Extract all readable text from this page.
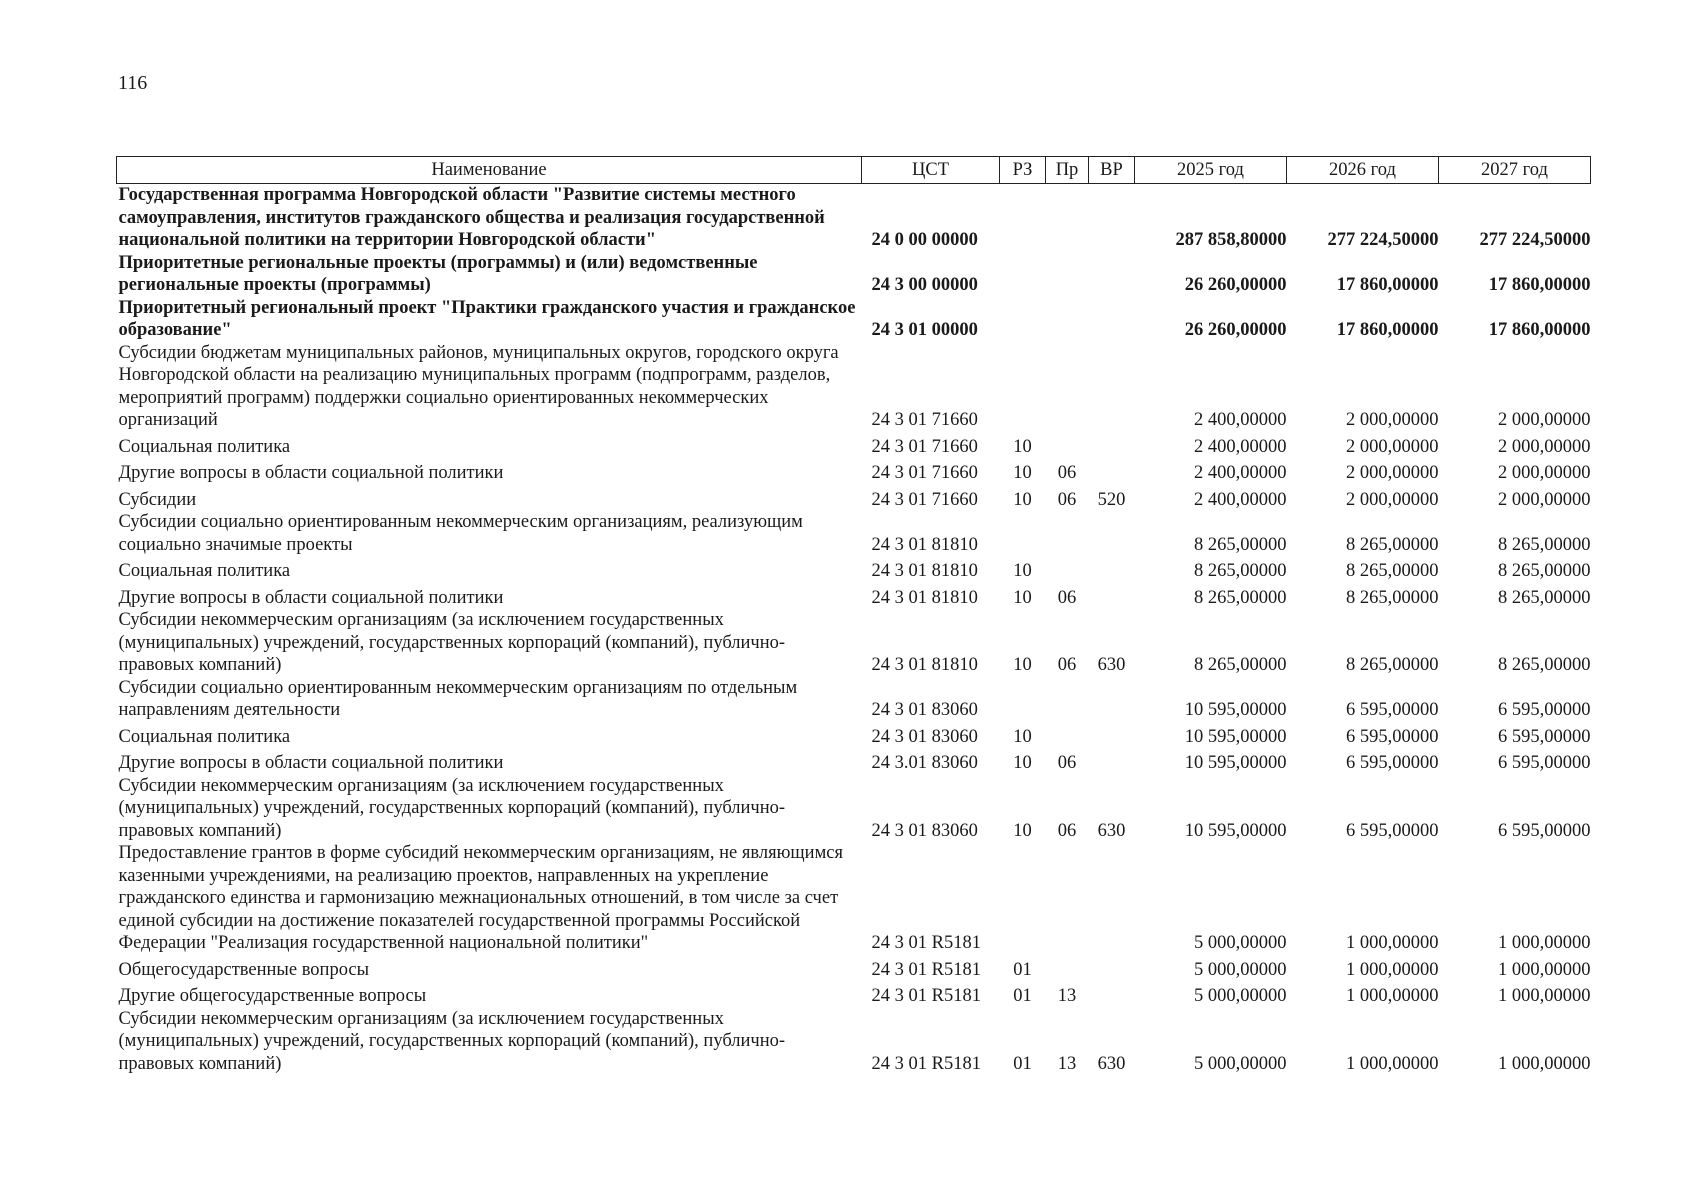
116
Наименование	ЦСТ	РЗ	Пр	ВР	2025 год	2026 год	2027 год
Государственная программа Новгородской области "Развитие системы местного самоуправления, институтов гражданского общества и реализация государственной национальной политики на территории Новгородской области"	24 0 00 00000				287 858,80000	277 224,50000	277 224,50000
Приоритетные региональные проекты (программы) и (или) ведомственные региональные проекты (программы)	24 3 00 00000				26 260,00000	17 860,00000	17 860,00000
Приоритетный региональный проект "Практики гражданского участия и гражданское образование"	24 3 01 00000				26 260,00000	17 860,00000	17 860,00000
Субсидии бюджетам муниципальных районов, муниципальных округов, городского округа Новгородской области на реализацию муниципальных программ (подпрограмм, разделов, мероприятий программ) поддержки социально ориентированных некоммерческих организаций	24 3 01 71660				2 400,00000	2 000,00000	2 000,00000
Социальная политика	24 3 01 71660	10			2 400,00000	2 000,00000	2 000,00000
Другие вопросы в области социальной политики	24 3 01 71660	10	06		2 400,00000	2 000,00000	2 000,00000
Субсидии	24 3 01 71660	10	06	520	2 400,00000	2 000,00000	2 000,00000
Субсидии социально ориентированным некоммерческим организациям, реализующим социально значимые проекты	24 3 01 81810				8 265,00000	8 265,00000	8 265,00000
Социальная политика	24 3 01 81810	10			8 265,00000	8 265,00000	8 265,00000
Другие вопросы в области социальной политики	24 3 01 81810	10	06		8 265,00000	8 265,00000	8 265,00000
Субсидии некоммерческим организациям (за исключением государственных (муниципальных) учреждений, государственных корпораций (компаний), публично-правовых компаний)	24 3 01 81810	10	06	630	8 265,00000	8 265,00000	8 265,00000
Субсидии социально ориентированным некоммерческим организациям по отдельным направлениям деятельности	24 3 01 83060				10 595,00000	6 595,00000	6 595,00000
Социальная политика	24 3 01 83060	10			10 595,00000	6 595,00000	6 595,00000
Другие вопросы в области социальной политики	24 3.01 83060	10	06		10 595,00000	6 595,00000	6 595,00000
Субсидии некоммерческим организациям (за исключением государственных (муниципальных) учреждений, государственных корпораций (компаний), публично-правовых компаний)	24 3 01 83060	10	06	630	10 595,00000	6 595,00000	6 595,00000
Предоставление грантов в форме субсидий некоммерческим организациям, не являющимся казенными учреждениями, на реализацию проектов, направленных на укрепление гражданского единства и гармонизацию межнациональных отношений, в том числе за счет единой субсидии на достижение показателей государственной программы Российской Федерации "Реализация государственной национальной политики"	24 3 01 R5181				5 000,00000	1 000,00000	1 000,00000
Общегосударственные вопросы	24 3 01 R5181	01			5 000,00000	1 000,00000	1 000,00000
Другие общегосударственные вопросы	24 3 01 R5181	01	13		5 000,00000	1 000,00000	1 000,00000
Субсидии некоммерческим организациям (за исключением государственных (муниципальных) учреждений, государственных корпораций (компаний), публично-правовых компаний)	24 3 01 R5181	01	13	630	5 000,00000	1 000,00000	1 000,00000
